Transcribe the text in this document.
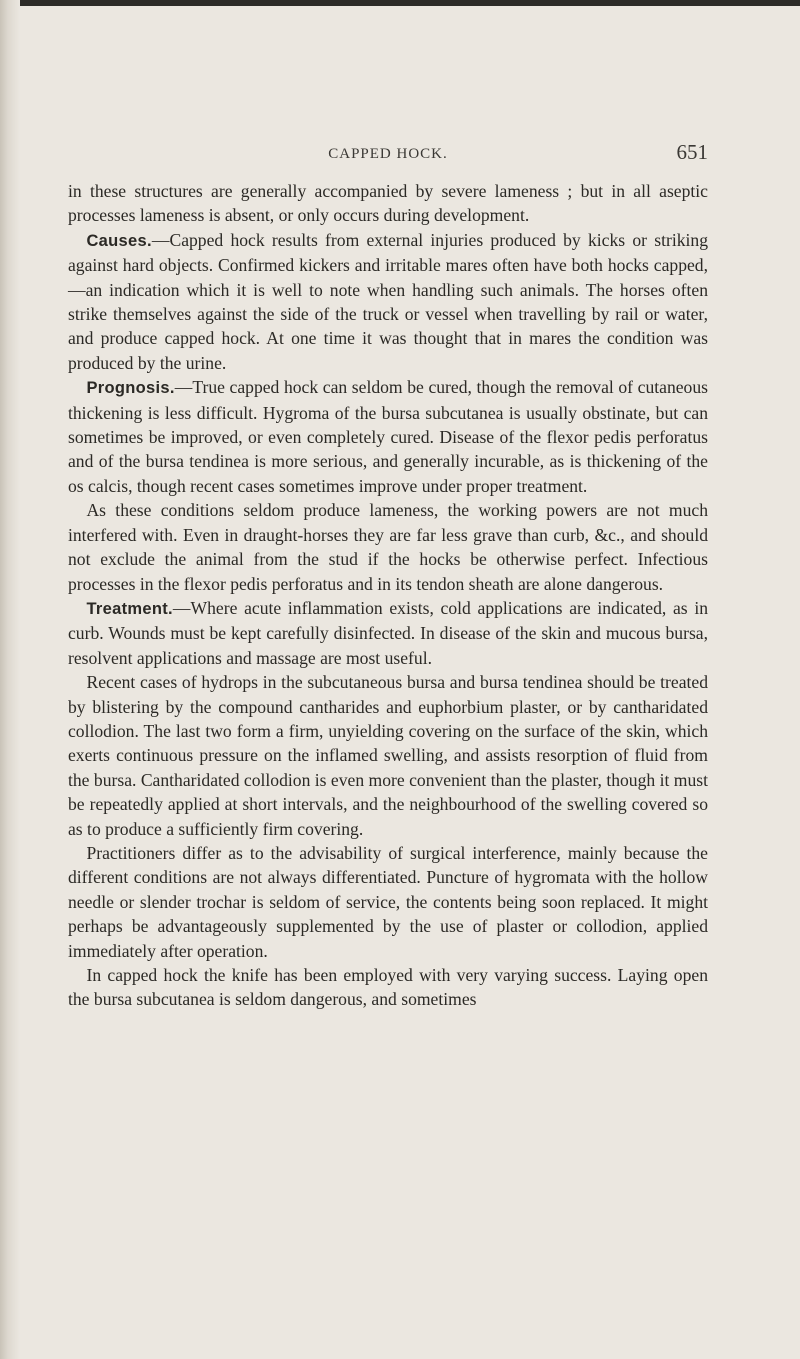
CAPPED HOCK.	651

in these structures are generally accompanied by severe lameness ; but in all aseptic processes lameness is absent, or only occurs during development.

Causes.—Capped hock results from external injuries produced by kicks or striking against hard objects. Confirmed kickers and irritable mares often have both hocks capped,—an indication which it is well to note when handling such animals. The horses often strike themselves against the side of the truck or vessel when travelling by rail or water, and produce capped hock. At one time it was thought that in mares the condition was produced by the urine.

Prognosis.—True capped hock can seldom be cured, though the removal of cutaneous thickening is less difficult. Hygroma of the bursa subcutanea is usually obstinate, but can sometimes be improved, or even completely cured. Disease of the flexor pedis perforatus and of the bursa tendinea is more serious, and generally incurable, as is thickening of the os calcis, though recent cases sometimes improve under proper treatment.

As these conditions seldom produce lameness, the working powers are not much interfered with. Even in draught-horses they are far less grave than curb, &c., and should not exclude the animal from the stud if the hocks be otherwise perfect. Infectious processes in the flexor pedis perforatus and in its tendon sheath are alone dangerous.

Treatment.—Where acute inflammation exists, cold applications are indicated, as in curb. Wounds must be kept carefully disinfected. In disease of the skin and mucous bursa, resolvent applications and massage are most useful.

Recent cases of hydrops in the subcutaneous bursa and bursa tendinea should be treated by blistering by the compound cantharides and euphorbium plaster, or by cantharidated collodion. The last two form a firm, unyielding covering on the surface of the skin, which exerts continuous pressure on the inflamed swelling, and assists resorption of fluid from the bursa. Cantharidated collodion is even more convenient than the plaster, though it must be repeatedly applied at short intervals, and the neighbourhood of the swelling covered so as to produce a sufficiently firm covering.

Practitioners differ as to the advisability of surgical interference, mainly because the different conditions are not always differentiated. Puncture of hygromata with the hollow needle or slender trochar is seldom of service, the contents being soon replaced. It might perhaps be advantageously supplemented by the use of plaster or collodion, applied immediately after operation.

In capped hock the knife has been employed with very varying success. Laying open the bursa subcutanea is seldom dangerous, and sometimes
